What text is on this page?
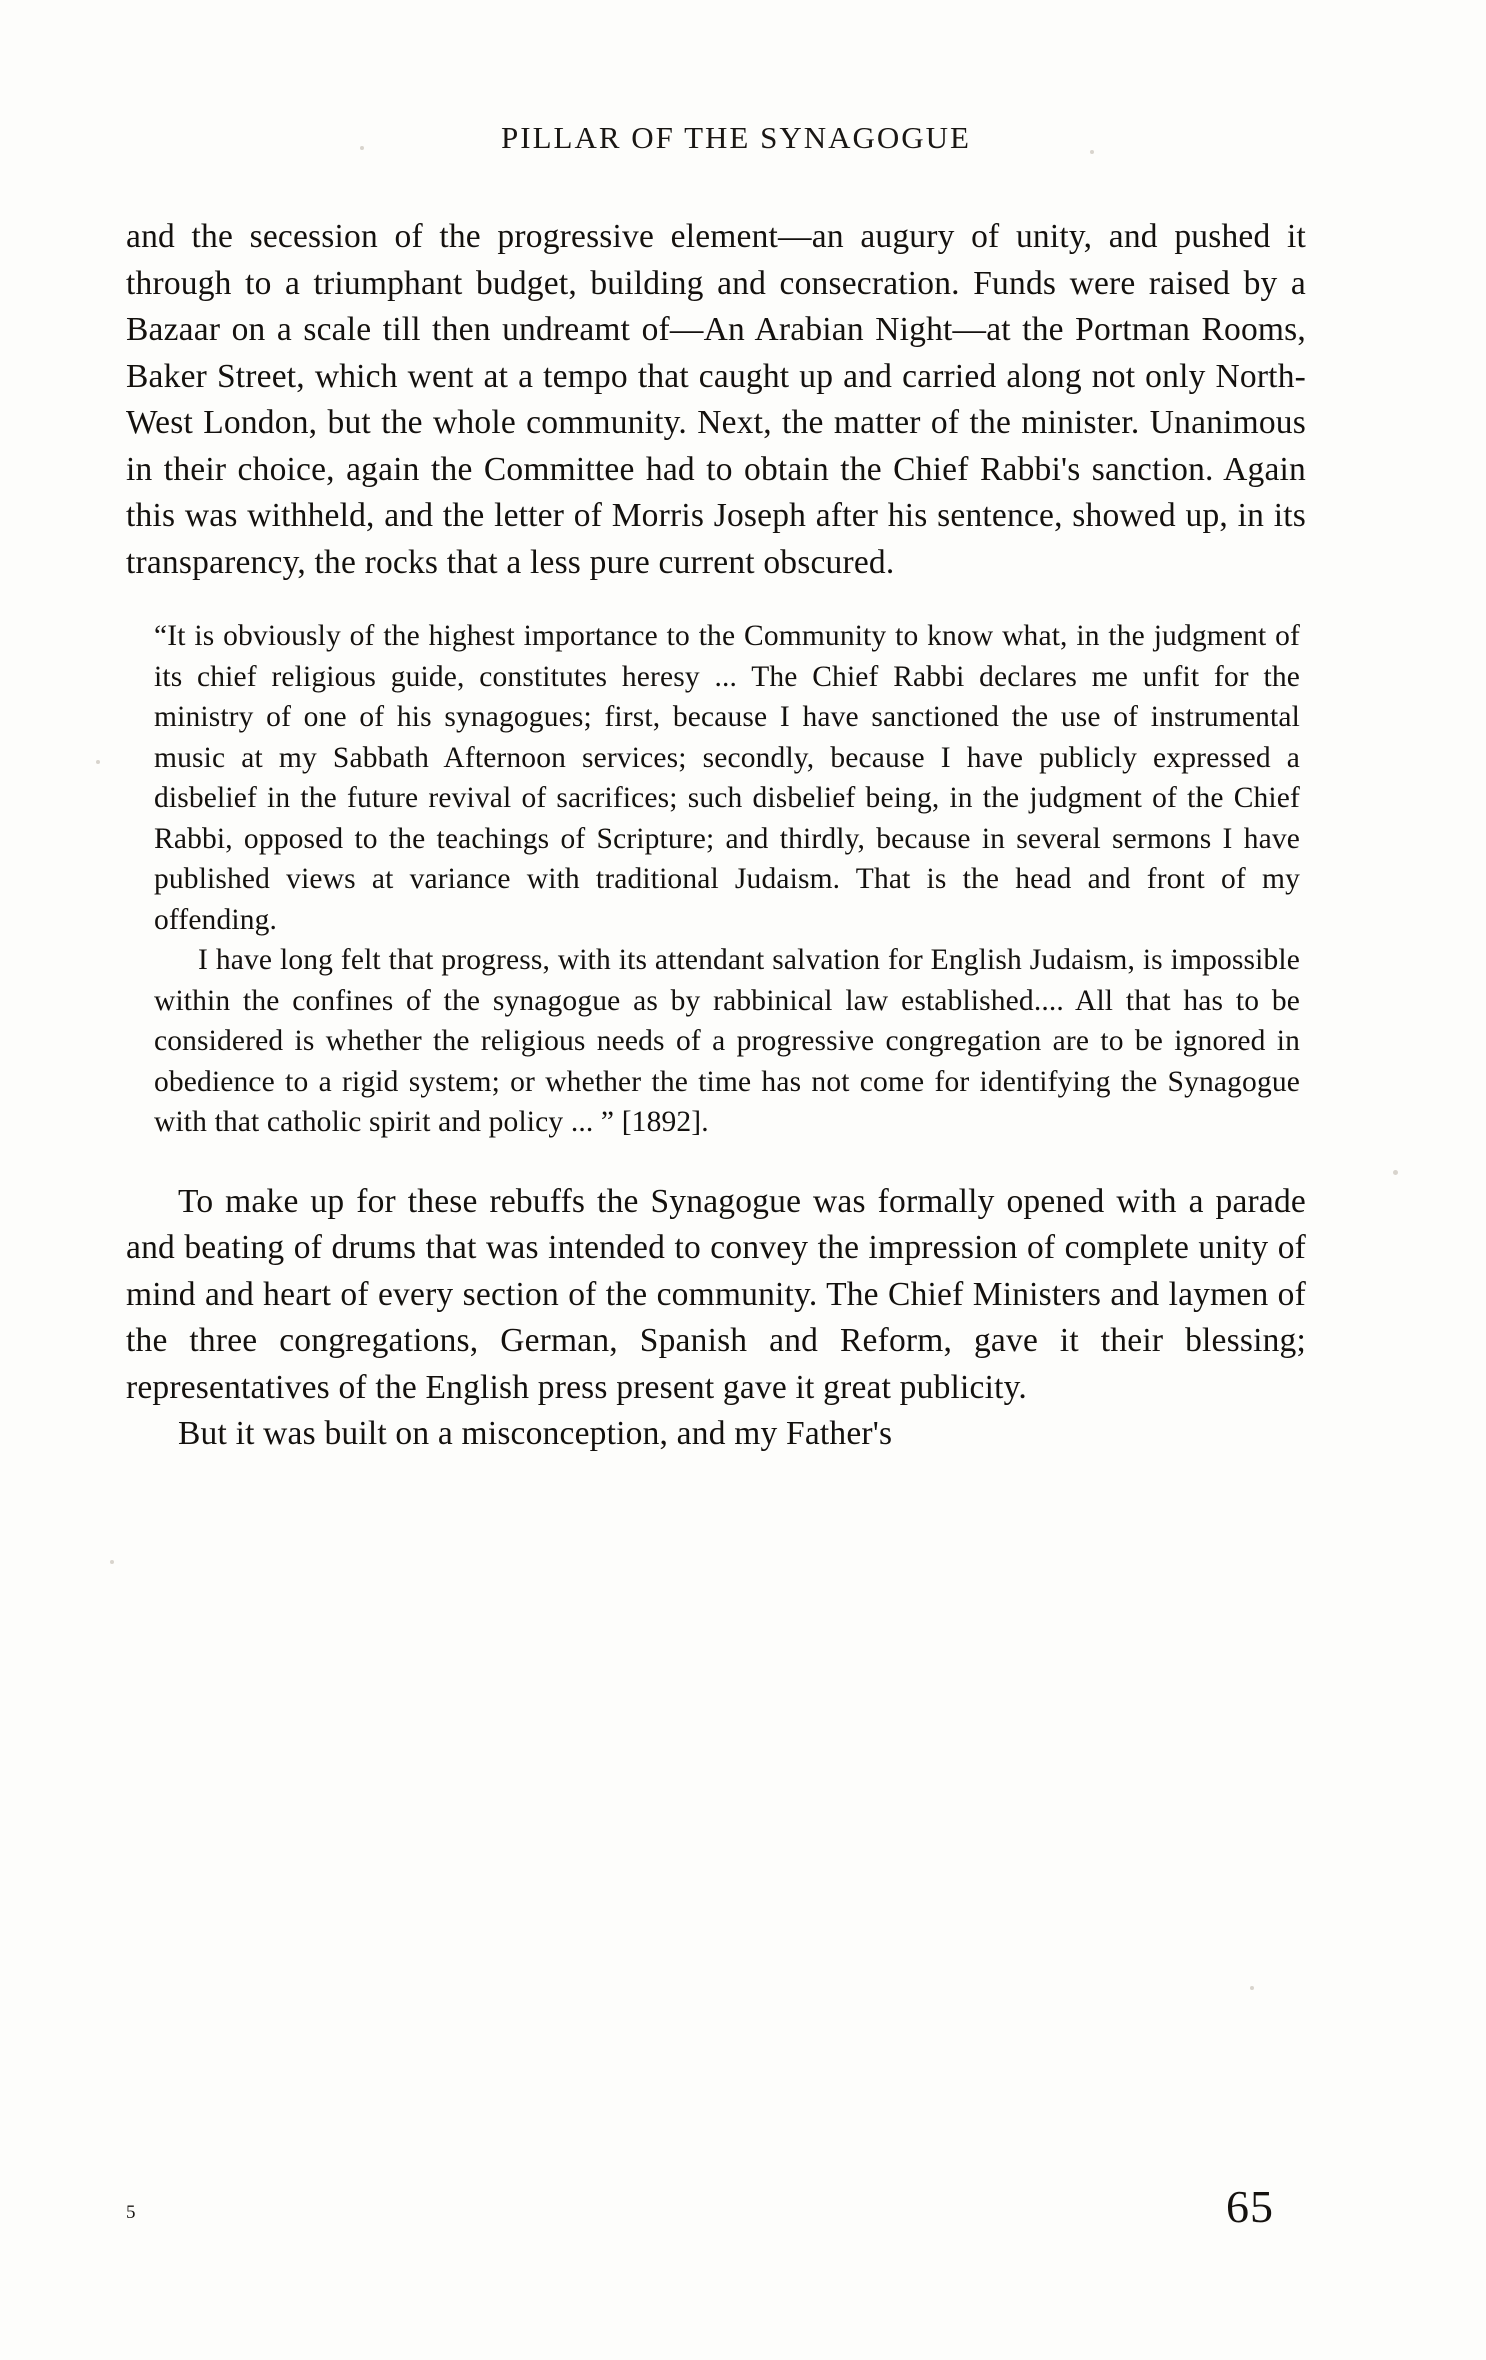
PILLAR OF THE SYNAGOGUE

and the secession of the progressive element—an augury of unity, and pushed it through to a triumphant budget, building and consecration. Funds were raised by a Bazaar on a scale till then undreamt of—An Arabian Night—at the Portman Rooms, Baker Street, which went at a tempo that caught up and carried along not only North-West London, but the whole community. Next, the matter of the minister. Unanimous in their choice, again the Committee had to obtain the Chief Rabbi's sanction. Again this was withheld, and the letter of Morris Joseph after his sentence, showed up, in its transparency, the rocks that a less pure current obscured.

“It is obviously of the highest importance to the Community to know what, in the judgment of its chief religious guide, constitutes heresy ... The Chief Rabbi declares me unfit for the ministry of one of his synagogues; first, because I have sanctioned the use of instrumental music at my Sabbath Afternoon services; secondly, because I have publicly expressed a disbelief in the future revival of sacrifices; such disbelief being, in the judgment of the Chief Rabbi, opposed to the teachings of Scripture; and thirdly, because in several sermons I have published views at variance with traditional Judaism. That is the head and front of my offending.

I have long felt that progress, with its attendant salvation for English Judaism, is impossible within the confines of the synagogue as by rabbinical law established.... All that has to be considered is whether the religious needs of a progressive congregation are to be ignored in obedience to a rigid system; or whether the time has not come for identifying the Synagogue with that catholic spirit and policy ... ” [1892].

To make up for these rebuffs the Synagogue was formally opened with a parade and beating of drums that was intended to convey the impression of complete unity of mind and heart of every section of the community. The Chief Ministers and laymen of the three congregations, German, Spanish and Reform, gave it their blessing; representatives of the English press present gave it great publicity.

But it was built on a misconception, and my Father's

5	65
